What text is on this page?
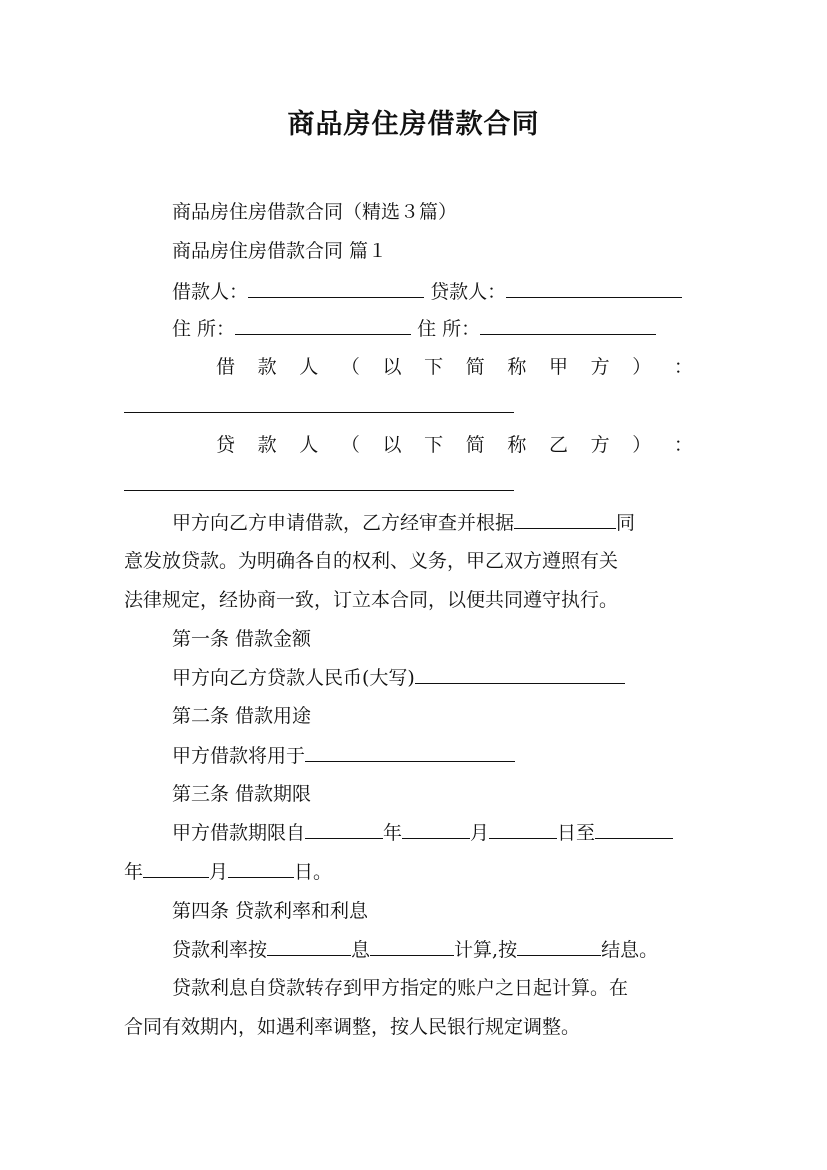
商品房住房借款合同
商品房住房借款合同（精选３篇）
商品房住房借款合同 篇１
借款人：	贷款人：
住 所：	住 所：
借 款 人 （ 以 下 简 称 甲 方 ） ：
贷 款 人 （ 以 下 简 称 乙 方 ） ：
甲方向乙方申请借款，乙方经审查并根据	同
意发放贷款。为明确各自的权利、义务，甲乙双方遵照有关
法律规定，经协商一致，订立本合同，以便共同遵守执行。
第一条 借款金额
甲方向乙方贷款人民币(大写)
第二条 借款用途
甲方借款将用于
第三条 借款期限
甲方借款期限自	年	月	日至
年	月	日。
第四条 贷款利率和利息
贷款利率按	息	计算,按	结息。
贷款利息自贷款转存到甲方指定的账户之日起计算。在
合同有效期内，如遇利率调整，按人民银行规定调整。
